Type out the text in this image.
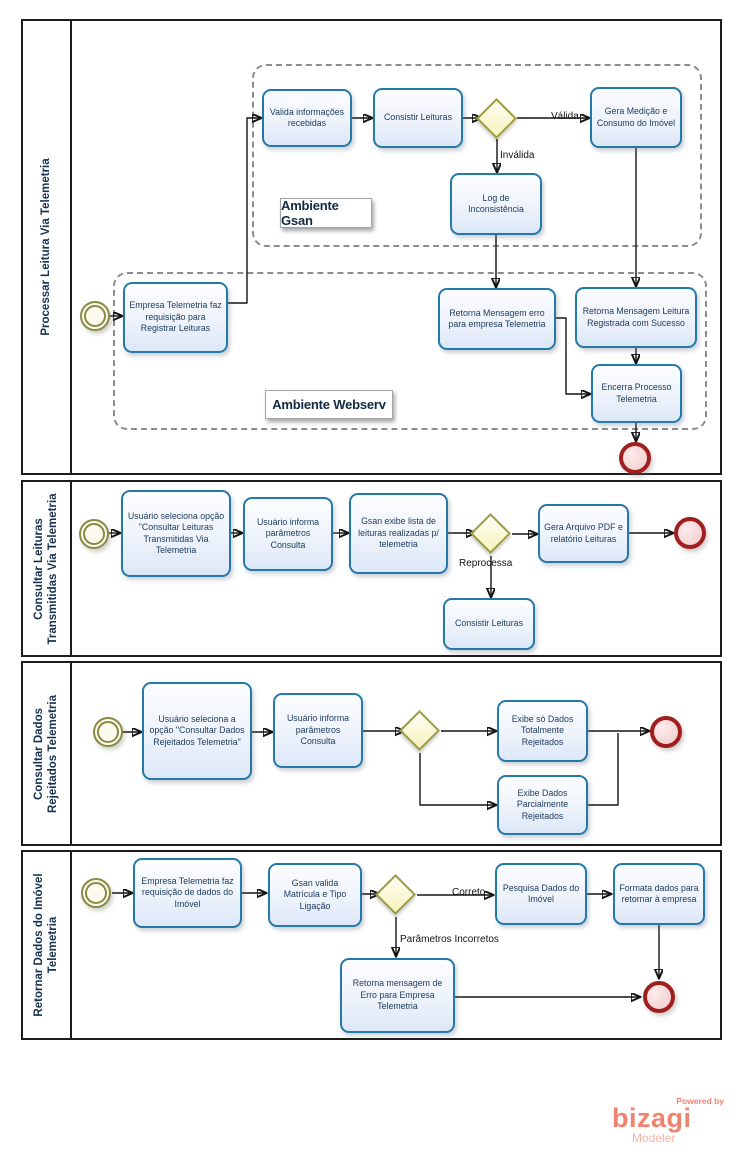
Processar Leitura Via Telemetria
Consultar Leituras Transmitidas Via Telemetria
Consultar Dados Rejeitados Telemetria
Retornar Dados do Imóvel Telemetria
Ambiente Gsan
Ambiente Webserv
Valida informações recebidas
Consistir Leituras
Gera Medição e Consumo do Imóvel
Log de Inconsistência
Empresa Telemetria faz requisição para Registrar Leituras
Retorna Mensagem erro para empresa Telemetria
Retorna Mensagem Leitura Registrada com Sucesso
Encerra Processo Telemetria
Válida
Inválida
Usuário seleciona opção "Consultar Leituras Transmitidas Via Telemetria
Usuário informa parâmetros Consulta
Gsan exibe lista de leituras realizadas p/ telemetria
Gera Arquivo PDF e relatório Leituras
Consistir Leituras
Reprocessa
Usuário seleciona a opção "Consultar Dados Rejeitados Telemetria"
Usuário informa parâmetros Consulta
Exibe só Dados Totalmente Rejeitados
Exibe Dados Parcialmente Rejeitados
Empresa Telemetria faz requisição de dados do Imóvel
Gsan valida Matrícula e Tipo Ligação
Pesquisa Dados do Imóvel
Formata dados para retornar à empresa
Retorna mensagem de Erro para Empresa Telemetria
Correto
Parâmetros Incorretos
Powered by
bizagi
Modeler
